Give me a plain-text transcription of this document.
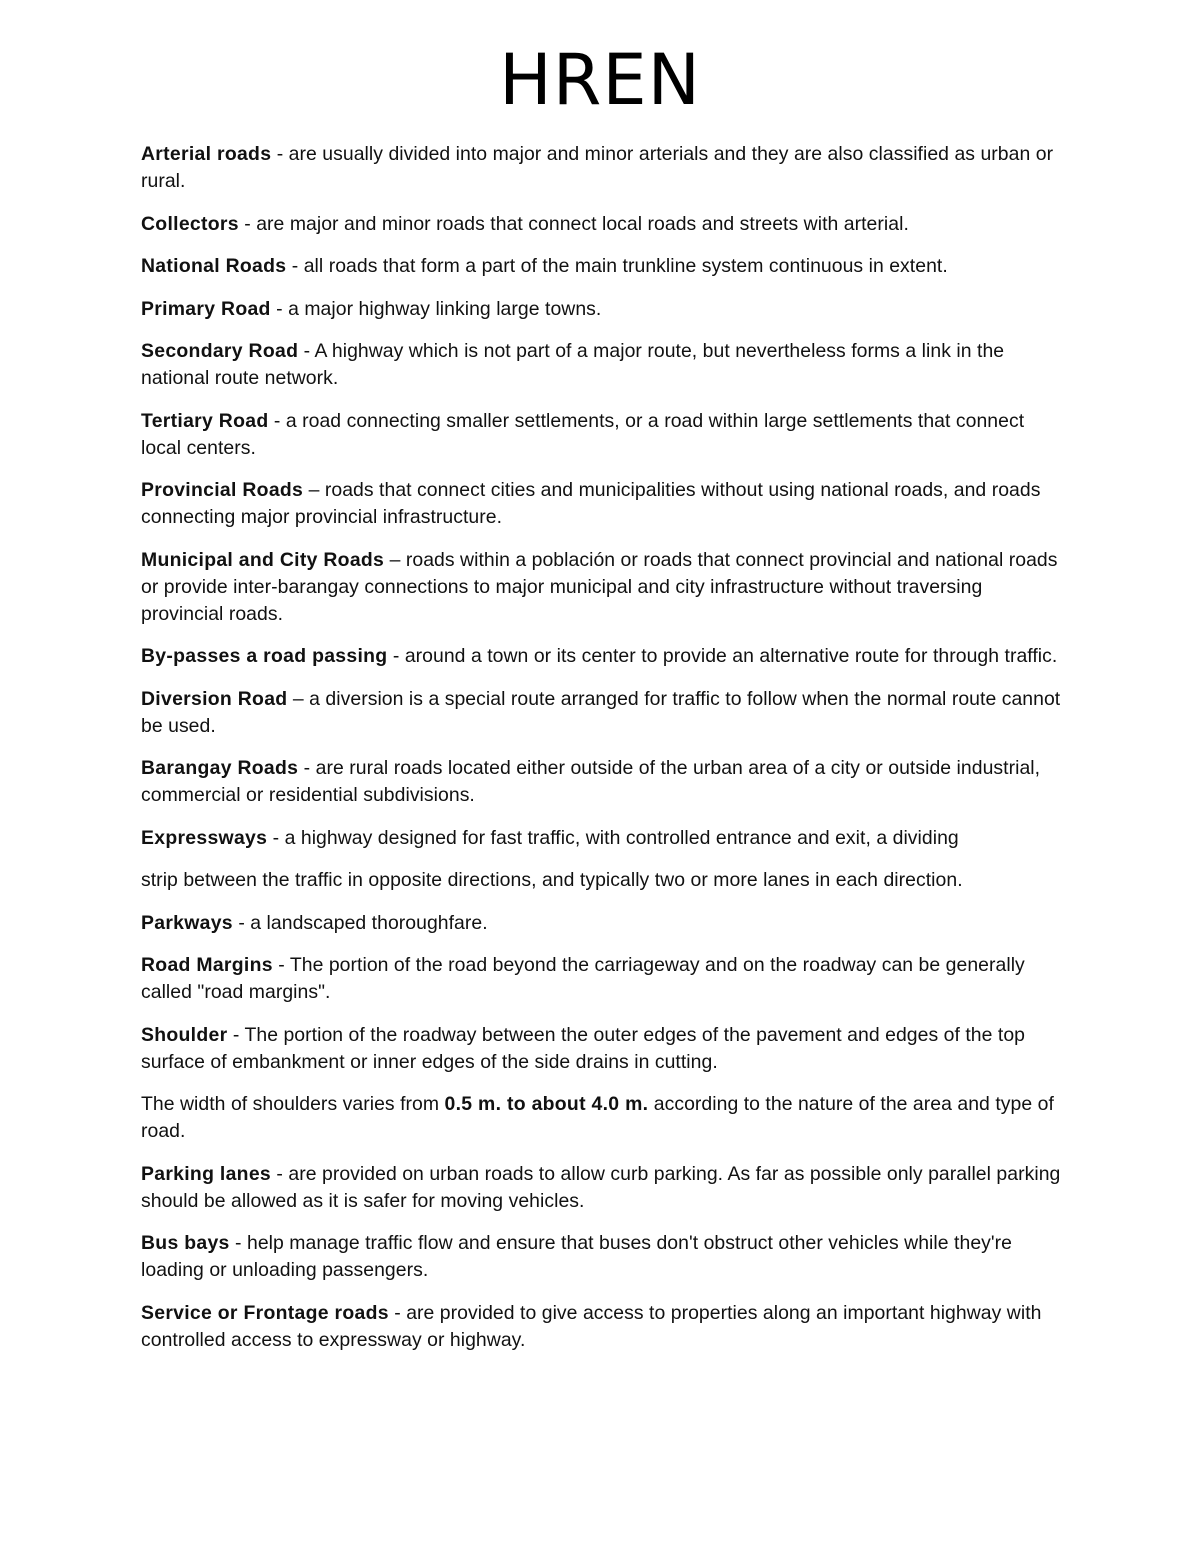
HREN

Arterial roads - are usually divided into major and minor arterials and they are also classified as urban or rural.

Collectors - are major and minor roads that connect local roads and streets with arterial.

National Roads - all roads that form a part of the main trunkline system continuous in extent.

Primary Road - a major highway linking large towns.

Secondary Road - A highway which is not part of a major route, but nevertheless forms a link in the national route network.

Tertiary Road - a road connecting smaller settlements, or a road within large settlements that connect local centers.

Provincial Roads – roads that connect cities and municipalities without using national roads, and roads connecting major provincial infrastructure.

Municipal and City Roads – roads within a población or roads that connect provincial and national roads or provide inter-barangay connections to major municipal and city infrastructure without traversing provincial roads.

By-passes a road passing - around a town or its center to provide an alternative route for through traffic.

Diversion Road – a diversion is a special route arranged for traffic to follow when the normal route cannot be used.

Barangay Roads - are rural roads located either outside of the urban area of a city or outside industrial, commercial or residential subdivisions.

Expressways - a highway designed for fast traffic, with controlled entrance and exit, a dividing

strip between the traffic in opposite directions, and typically two or more lanes in each direction.

Parkways - a landscaped thoroughfare.

Road Margins - The portion of the road beyond the carriageway and on the roadway can be generally called "road margins".

Shoulder - The portion of the roadway between the outer edges of the pavement and edges of the top surface of embankment or inner edges of the side drains in cutting.

The width of shoulders varies from 0.5 m. to about 4.0 m. according to the nature of the area and type of road.

Parking lanes - are provided on urban roads to allow curb parking. As far as possible only parallel parking should be allowed as it is safer for moving vehicles.

Bus bays - help manage traffic flow and ensure that buses don't obstruct other vehicles while they're loading or unloading passengers.

Service or Frontage roads - are provided to give access to properties along an important highway with controlled access to expressway or highway.
